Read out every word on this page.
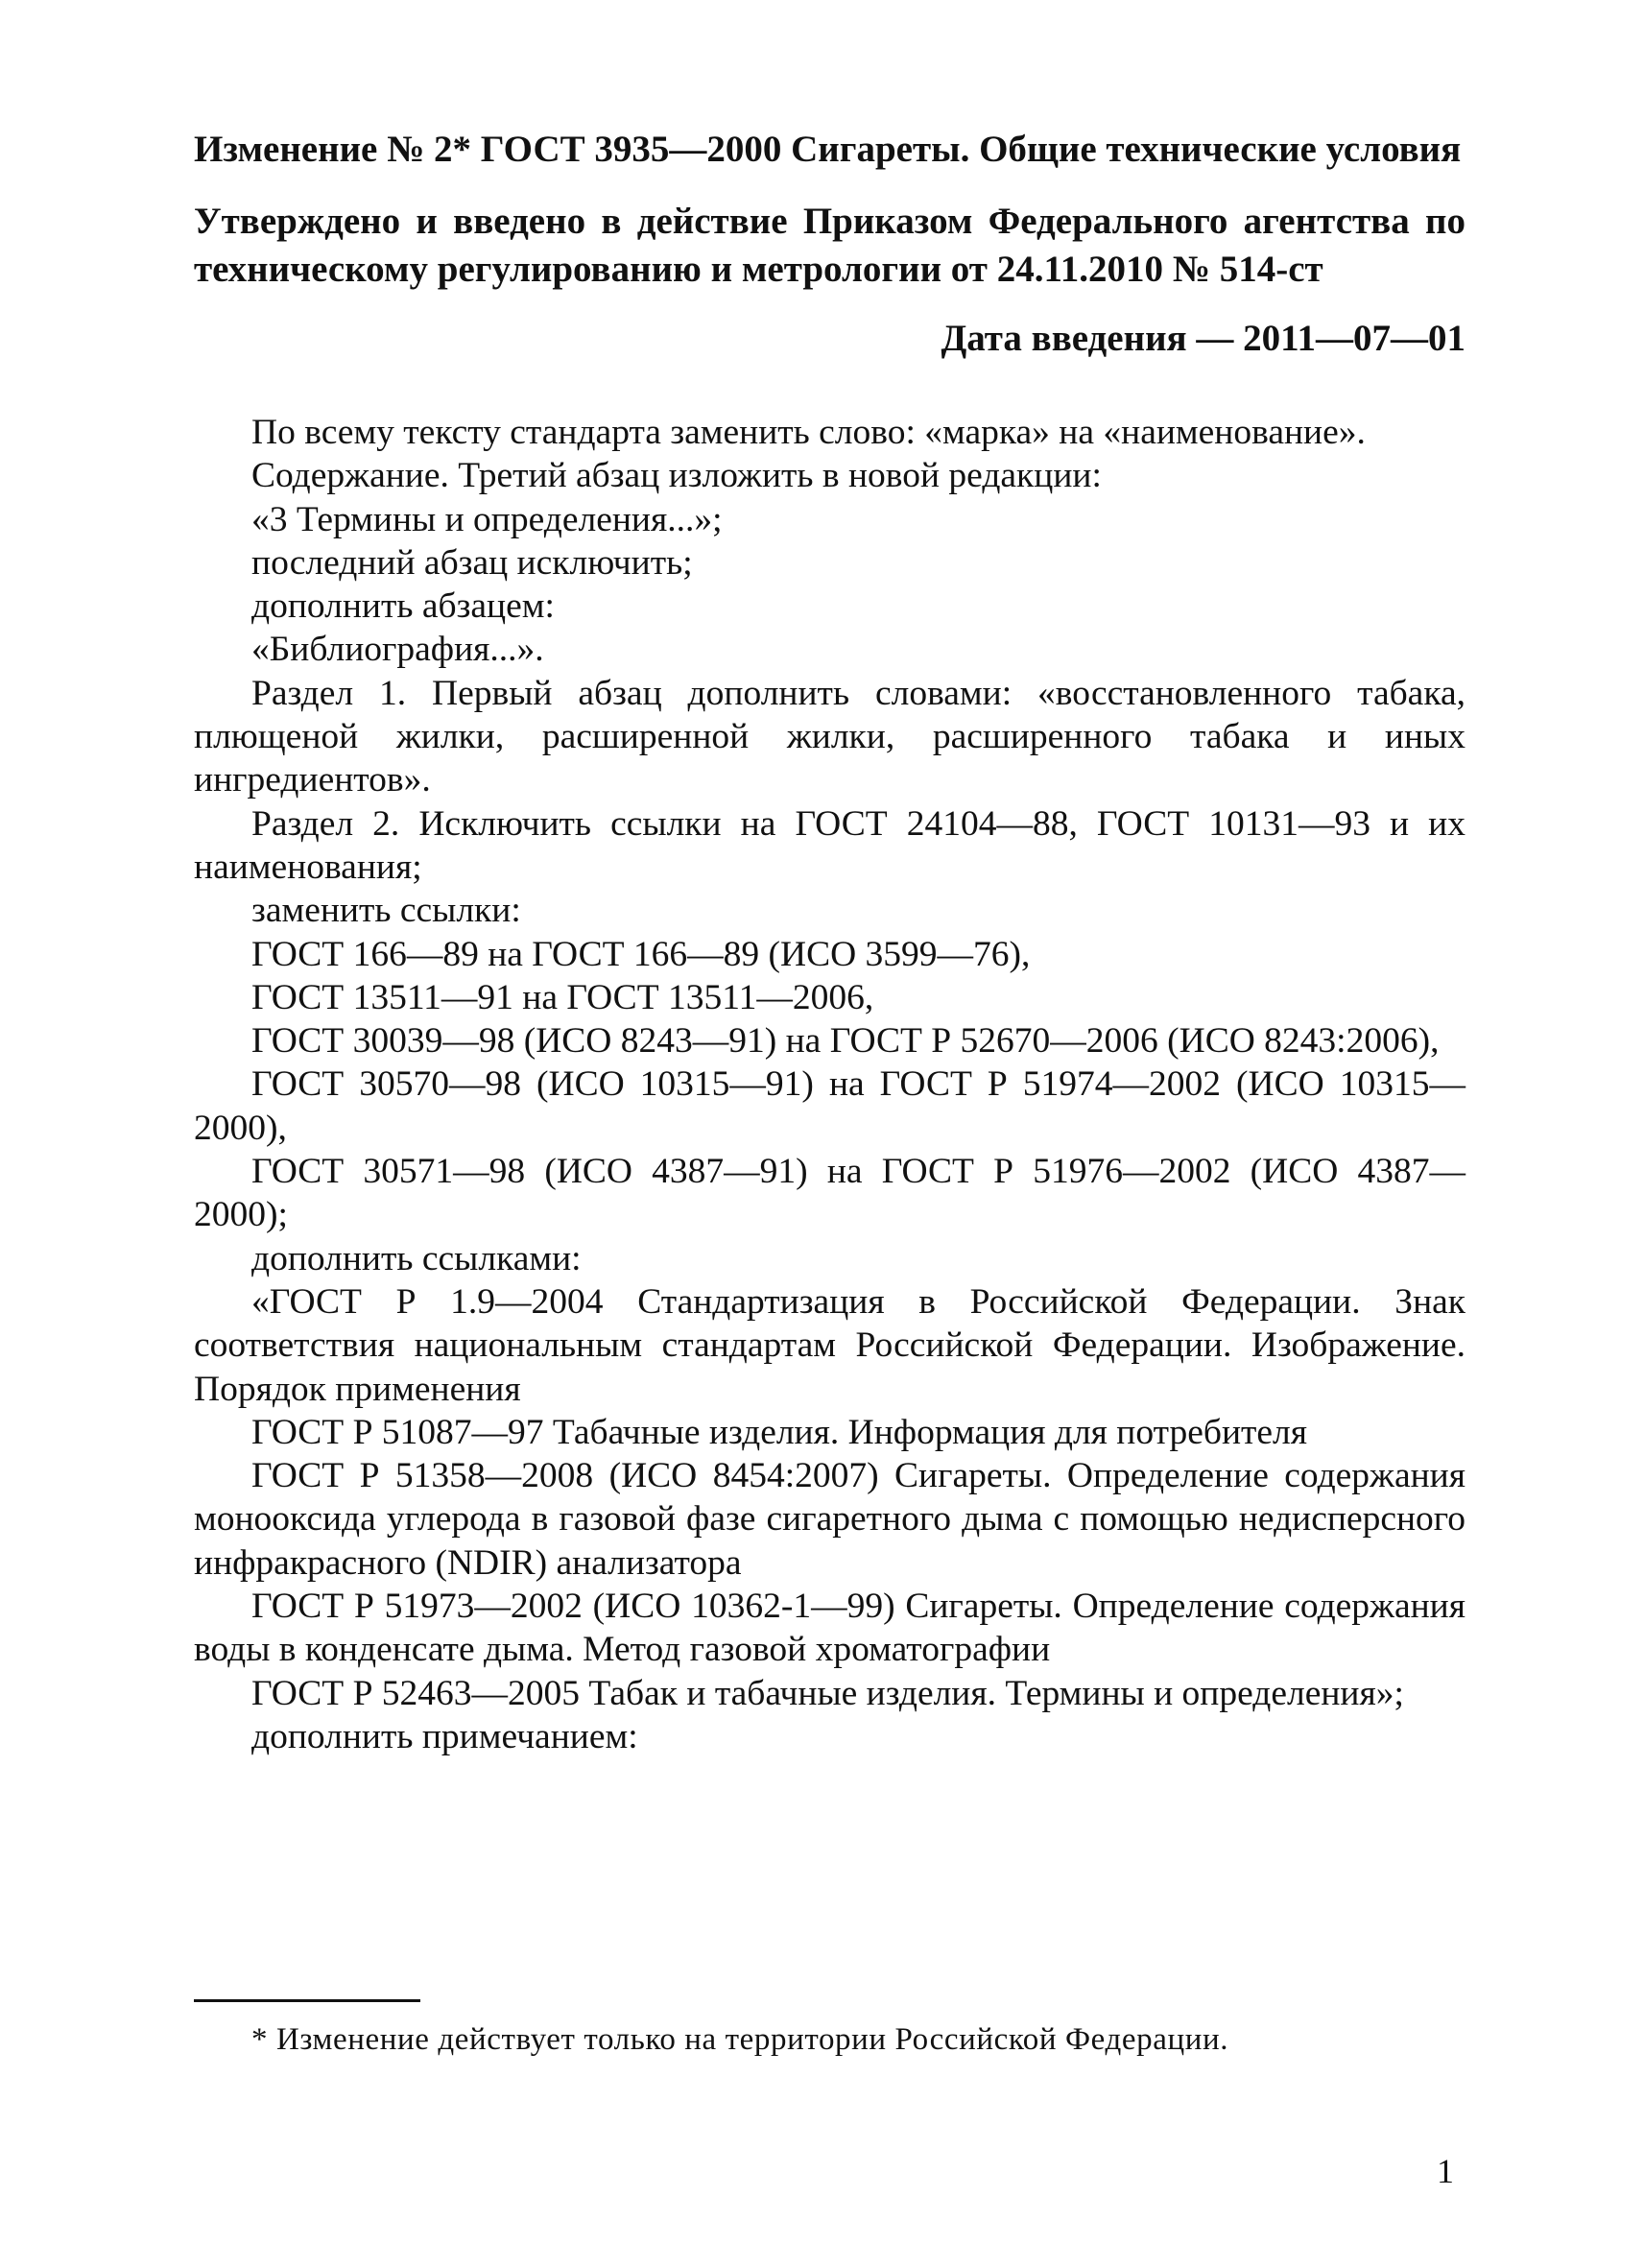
Изменение № 2* ГОСТ 3935—2000 Сигареты. Общие технические условия

Утверждено и введено в действие Приказом Федерального агентства по техническому регулированию и метрологии от 24.11.2010 № 514-ст

Дата введения — 2011—07—01

По всему тексту стандарта заменить слово: «марка» на «наименование».

Содержание. Третий абзац изложить в новой редакции:

«3 Термины и определения...»;

последний абзац исключить;

дополнить абзацем:

«Библиография...».

Раздел 1. Первый абзац дополнить словами: «восстановленного табака, плющеной жилки, расширенной жилки, расширенного табака и иных ингредиентов».

Раздел 2. Исключить ссылки на ГОСТ 24104—88, ГОСТ 10131—93 и их наименования;

заменить ссылки:

ГОСТ 166—89 на ГОСТ 166—89 (ИСО 3599—76),

ГОСТ 13511—91 на ГОСТ 13511—2006,

ГОСТ 30039—98 (ИСО 8243—91) на ГОСТ Р 52670—2006 (ИСО 8243:2006),

ГОСТ 30570—98 (ИСО 10315—91) на ГОСТ Р 51974—2002 (ИСО 10315—2000),

ГОСТ 30571—98 (ИСО 4387—91) на ГОСТ Р 51976—2002 (ИСО 4387—2000);

дополнить ссылками:

«ГОСТ Р 1.9—2004 Стандартизация в Российской Федерации. Знак соответствия национальным стандартам Российской Федерации. Изображение. Порядок применения

ГОСТ Р 51087—97 Табачные изделия. Информация для потребителя

ГОСТ Р 51358—2008 (ИСО 8454:2007) Сигареты. Определение содержания монооксида углерода в газовой фазе сигаретного дыма с помощью недисперсного инфракрасного (NDIR) анализатора

ГОСТ Р 51973—2002 (ИСО 10362-1—99) Сигареты. Определение содержания воды в конденсате дыма. Метод газовой хроматографии

ГОСТ Р 52463—2005 Табак и табачные изделия. Термины и определения»;

дополнить примечанием:

* Изменение действует только на территории Российской Федерации.
1
